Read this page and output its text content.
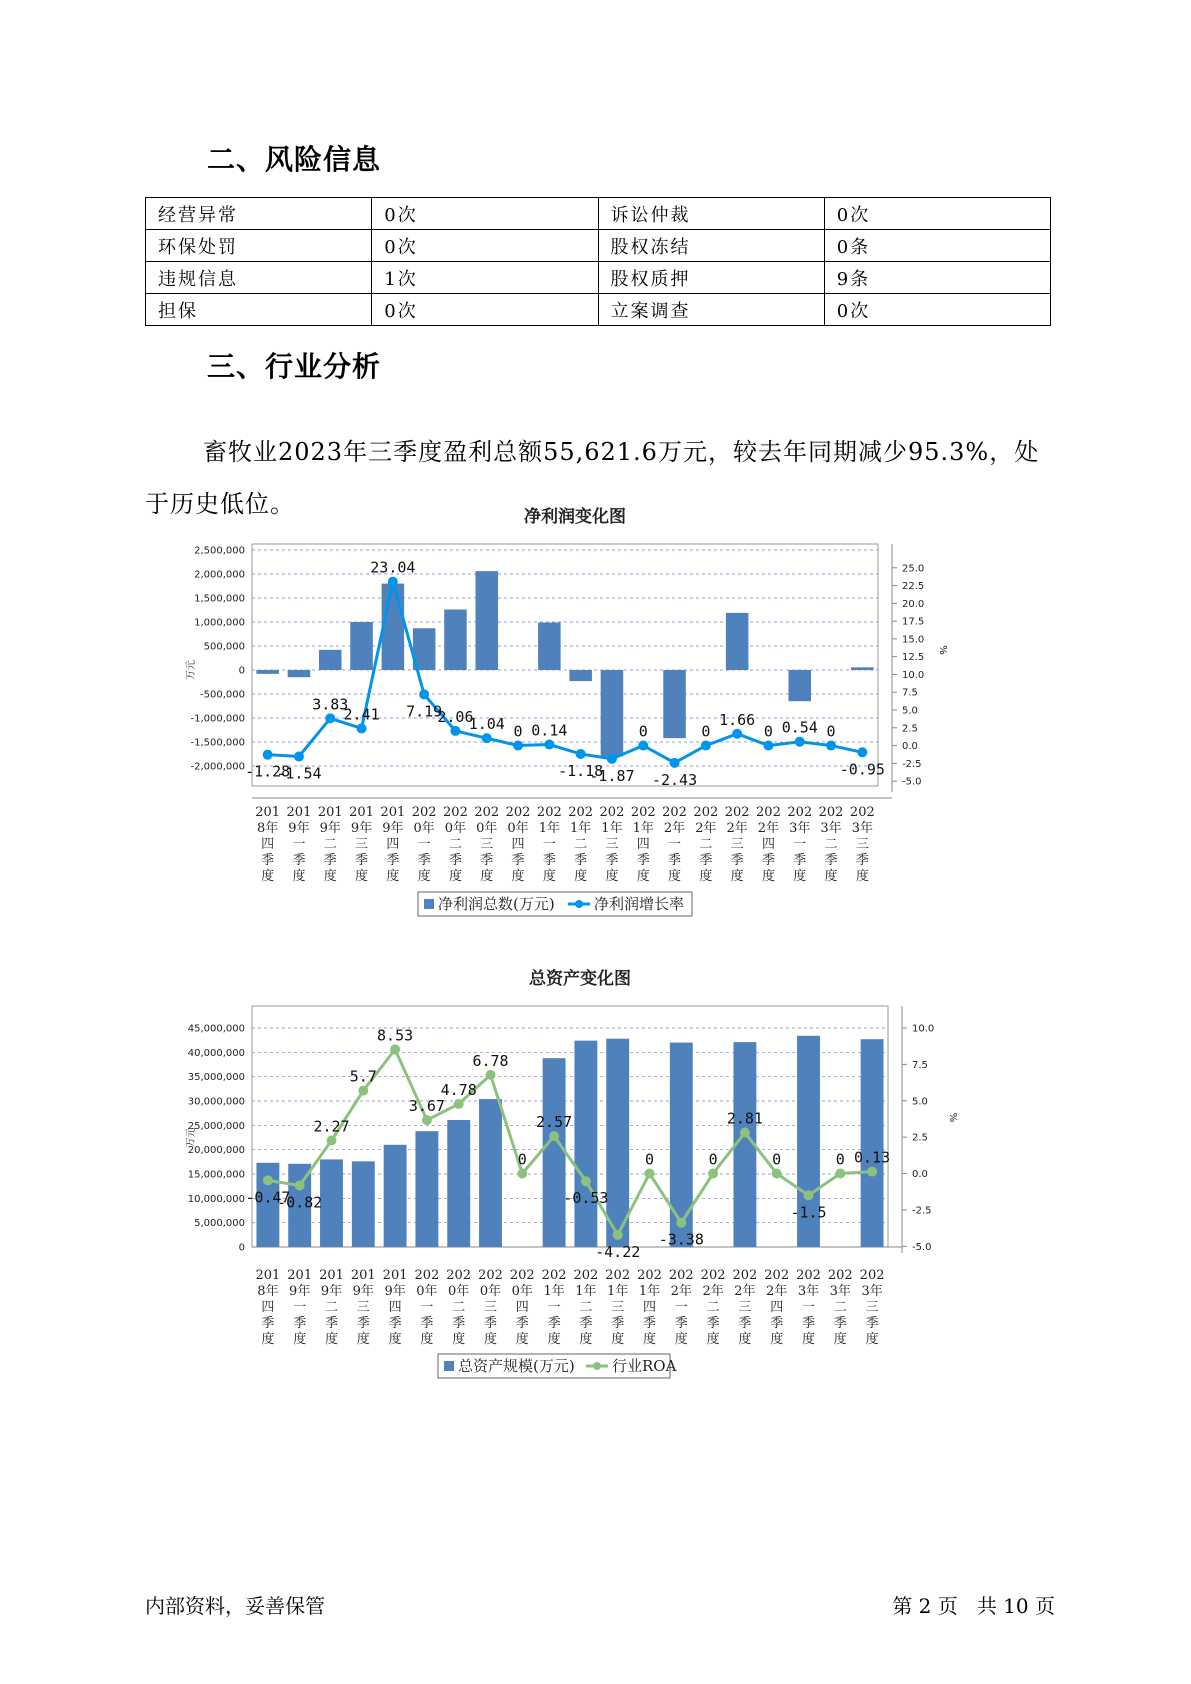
二、风险信息
经营异常	0次	诉讼仲裁	0次
环保处罚	0次	股权冻结	0条
违规信息	1次	股权质押	9条
担保	0次	立案调查	0次
三、行业分析
畜牧业2023年三季度盈利总额55,621.6万元，较去年同期减少95.3%，处于历史低位。	净利润变化图
2,500,000
2,000,000
1,500,000
1,000,000
500,000
0
-500,000
-1,000,000
-1,500,000
-2,000,000
25.0
22.5
20.0
17.5
15.0
12.5
10.0
7.5
5.0
2.5
0.0
-2.5
-5.0
万元
%
-1.28
-1.54
3.83
2.41
23.04
7.19
2.06
1.04 0 0.14
-1.18
-1.87
0
-2.43
0
1.66
0 0.54 0
-0.95
201 8年四季度
201 9年一季度
201 9年二季度
201 9年三季度
201 9年四季度
202 0年一季度
202 0年二季度
202 0年三季度
202 0年四季度
202 1年一季度
202 1年二季度
202 1年三季度
202 1年四季度
202 2年一季度
202 2年二季度
202 2年三季度
202 2年四季度
202 3年一季度
202 3年二季度
202 3年三季度
净利润总数(万元)	净利润增长率
总资产变化图
45,000,000
40,000,000
35,000,000
30,000,000
25,000,000
20,000,000
15,000,000
10,000,000
5,000,000
0
10.0
7.5
5.0
2.5
0.0
-2.5
-5.0
万元
%
-0.47
-0.82
2.27
5.7
8.53
3.67
4.78
6.78
0
2.57
-0.53
-4.22
0
-3.38
0
2.81
0
-1.5
0 0.13
201 8年四季度
201 9年一季度
201 9年二季度
201 9年三季度
201 9年四季度
202 0年一季度
202 0年二季度
202 0年三季度
202 0年四季度
202 1年一季度
202 1年二季度
202 1年三季度
202 1年四季度
202 2年一季度
202 2年二季度
202 2年三季度
202 2年四季度
202 3年一季度
202 3年二季度
202 3年三季度
总资产规模(万元) 行业ROA
内部资料，妥善保管	第 2 页   共 10 页
